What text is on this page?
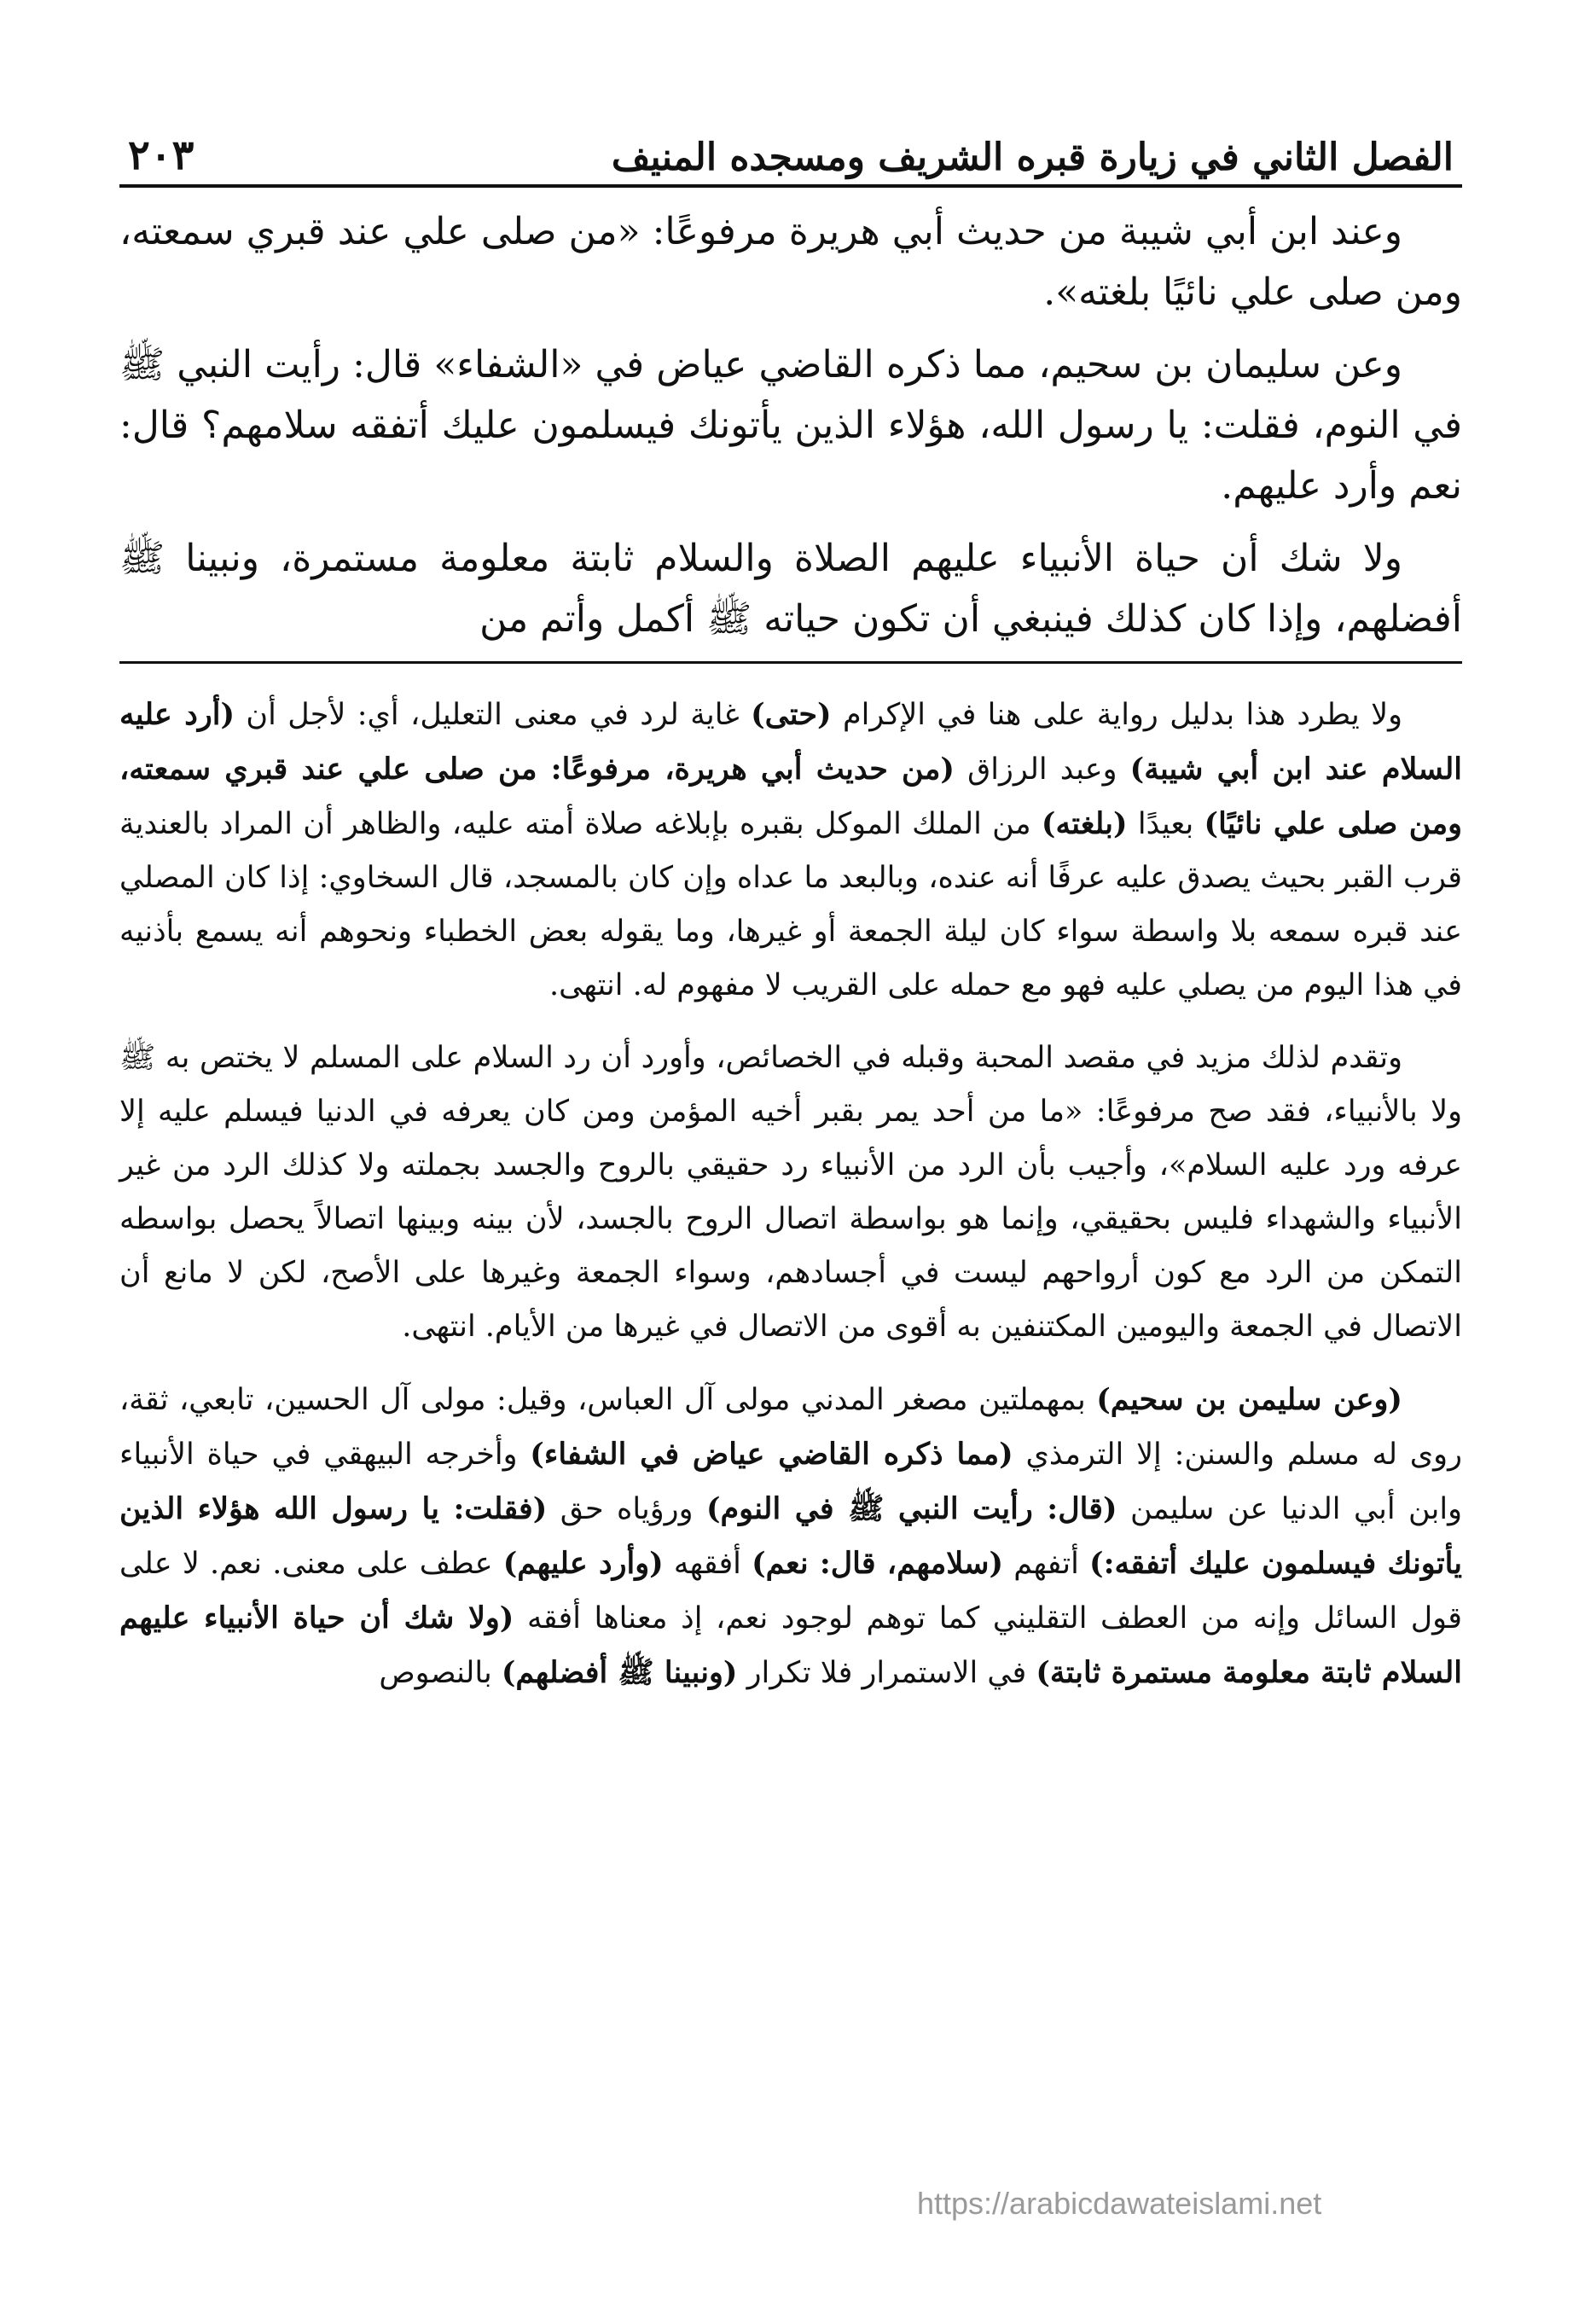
الفصل الثاني في زيارة قبره الشريف ومسجده المنيف
٢٠٣

وعند ابن أبي شيبة من حديث أبي هريرة مرفوعًا: «من صلى علي عند قبري سمعته، ومن صلى علي نائيًا بلغته».

وعن سليمان بن سحيم، مما ذكره القاضي عياض في «الشفاء» قال: رأيت النبي ﷺ في النوم، فقلت: يا رسول الله، هؤلاء الذين يأتونك فيسلمون عليك أتفقه سلامهم؟ قال: نعم وأرد عليهم.

ولا شك أن حياة الأنبياء عليهم الصلاة والسلام ثابتة معلومة مستمرة، ونبينا ﷺ أفضلهم، وإذا كان كذلك فينبغي أن تكون حياته ﷺ أكمل وأتم من

ولا يطرد هذا بدليل رواية على هنا في الإكرام (حتى) غاية لرد في معنى التعليل، أي: لأجل أن (أرد عليه السلام عند ابن أبي شيبة) وعبد الرزاق (من حديث أبي هريرة، مرفوعًا: من صلى علي عند قبري سمعته، ومن صلى علي نائيًا) بعيدًا (بلغته) من الملك الموكل بقبره بإبلاغه صلاة أمته عليه، والظاهر أن المراد بالعندية قرب القبر بحيث يصدق عليه عرفًا أنه عنده، وبالبعد ما عداه وإن كان بالمسجد، قال السخاوي: إذا كان المصلي عند قبره سمعه بلا واسطة سواء كان ليلة الجمعة أو غيرها، وما يقوله بعض الخطباء ونحوهم أنه يسمع بأذنيه في هذا اليوم من يصلي عليه فهو مع حمله على القريب لا مفهوم له. انتهى.

وتقدم لذلك مزيد في مقصد المحبة وقبله في الخصائص، وأورد أن رد السلام على المسلم لا يختص به ﷺ ولا بالأنبياء، فقد صح مرفوعًا: «ما من أحد يمر بقبر أخيه المؤمن ومن كان يعرفه في الدنيا فيسلم عليه إلا عرفه ورد عليه السلام»، وأجيب بأن الرد من الأنبياء رد حقيقي بالروح والجسد بجملته ولا كذلك الرد من غير الأنبياء والشهداء فليس بحقيقي، وإنما هو بواسطة اتصال الروح بالجسد، لأن بينه وبينها اتصالاً يحصل بواسطه التمكن من الرد مع كون أرواحهم ليست في أجسادهم، وسواء الجمعة وغيرها على الأصح، لكن لا مانع أن الاتصال في الجمعة واليومين المكتنفين به أقوى من الاتصال في غيرها من الأيام. انتهى.

(وعن سليمن بن سحيم) بمهملتين مصغر المدني مولى آل العباس، وقيل: مولى آل الحسين، تابعي، ثقة، روى له مسلم والسنن: إلا الترمذي (مما ذكره القاضي عياض في الشفاء) وأخرجه البيهقي في حياة الأنبياء وابن أبي الدنيا عن سليمن (قال: رأيت النبي ﷺ في النوم) ورؤياه حق (فقلت: يا رسول الله هؤلاء الذين يأتونك فيسلمون عليك أتفقه:) أتفهم (سلامهم، قال: نعم) أفقهه (وأرد عليهم) عطف على معنى. نعم. لا على قول السائل وإنه من العطف التقليني كما توهم لوجود نعم، إذ معناها أفقه (ولا شك أن حياة الأنبياء عليهم السلام ثابتة معلومة مستمرة ثابتة) في الاستمرار فلا تكرار (ونبينا ﷺ أفضلهم) بالنصوص

https://arabicdawateislami.net
